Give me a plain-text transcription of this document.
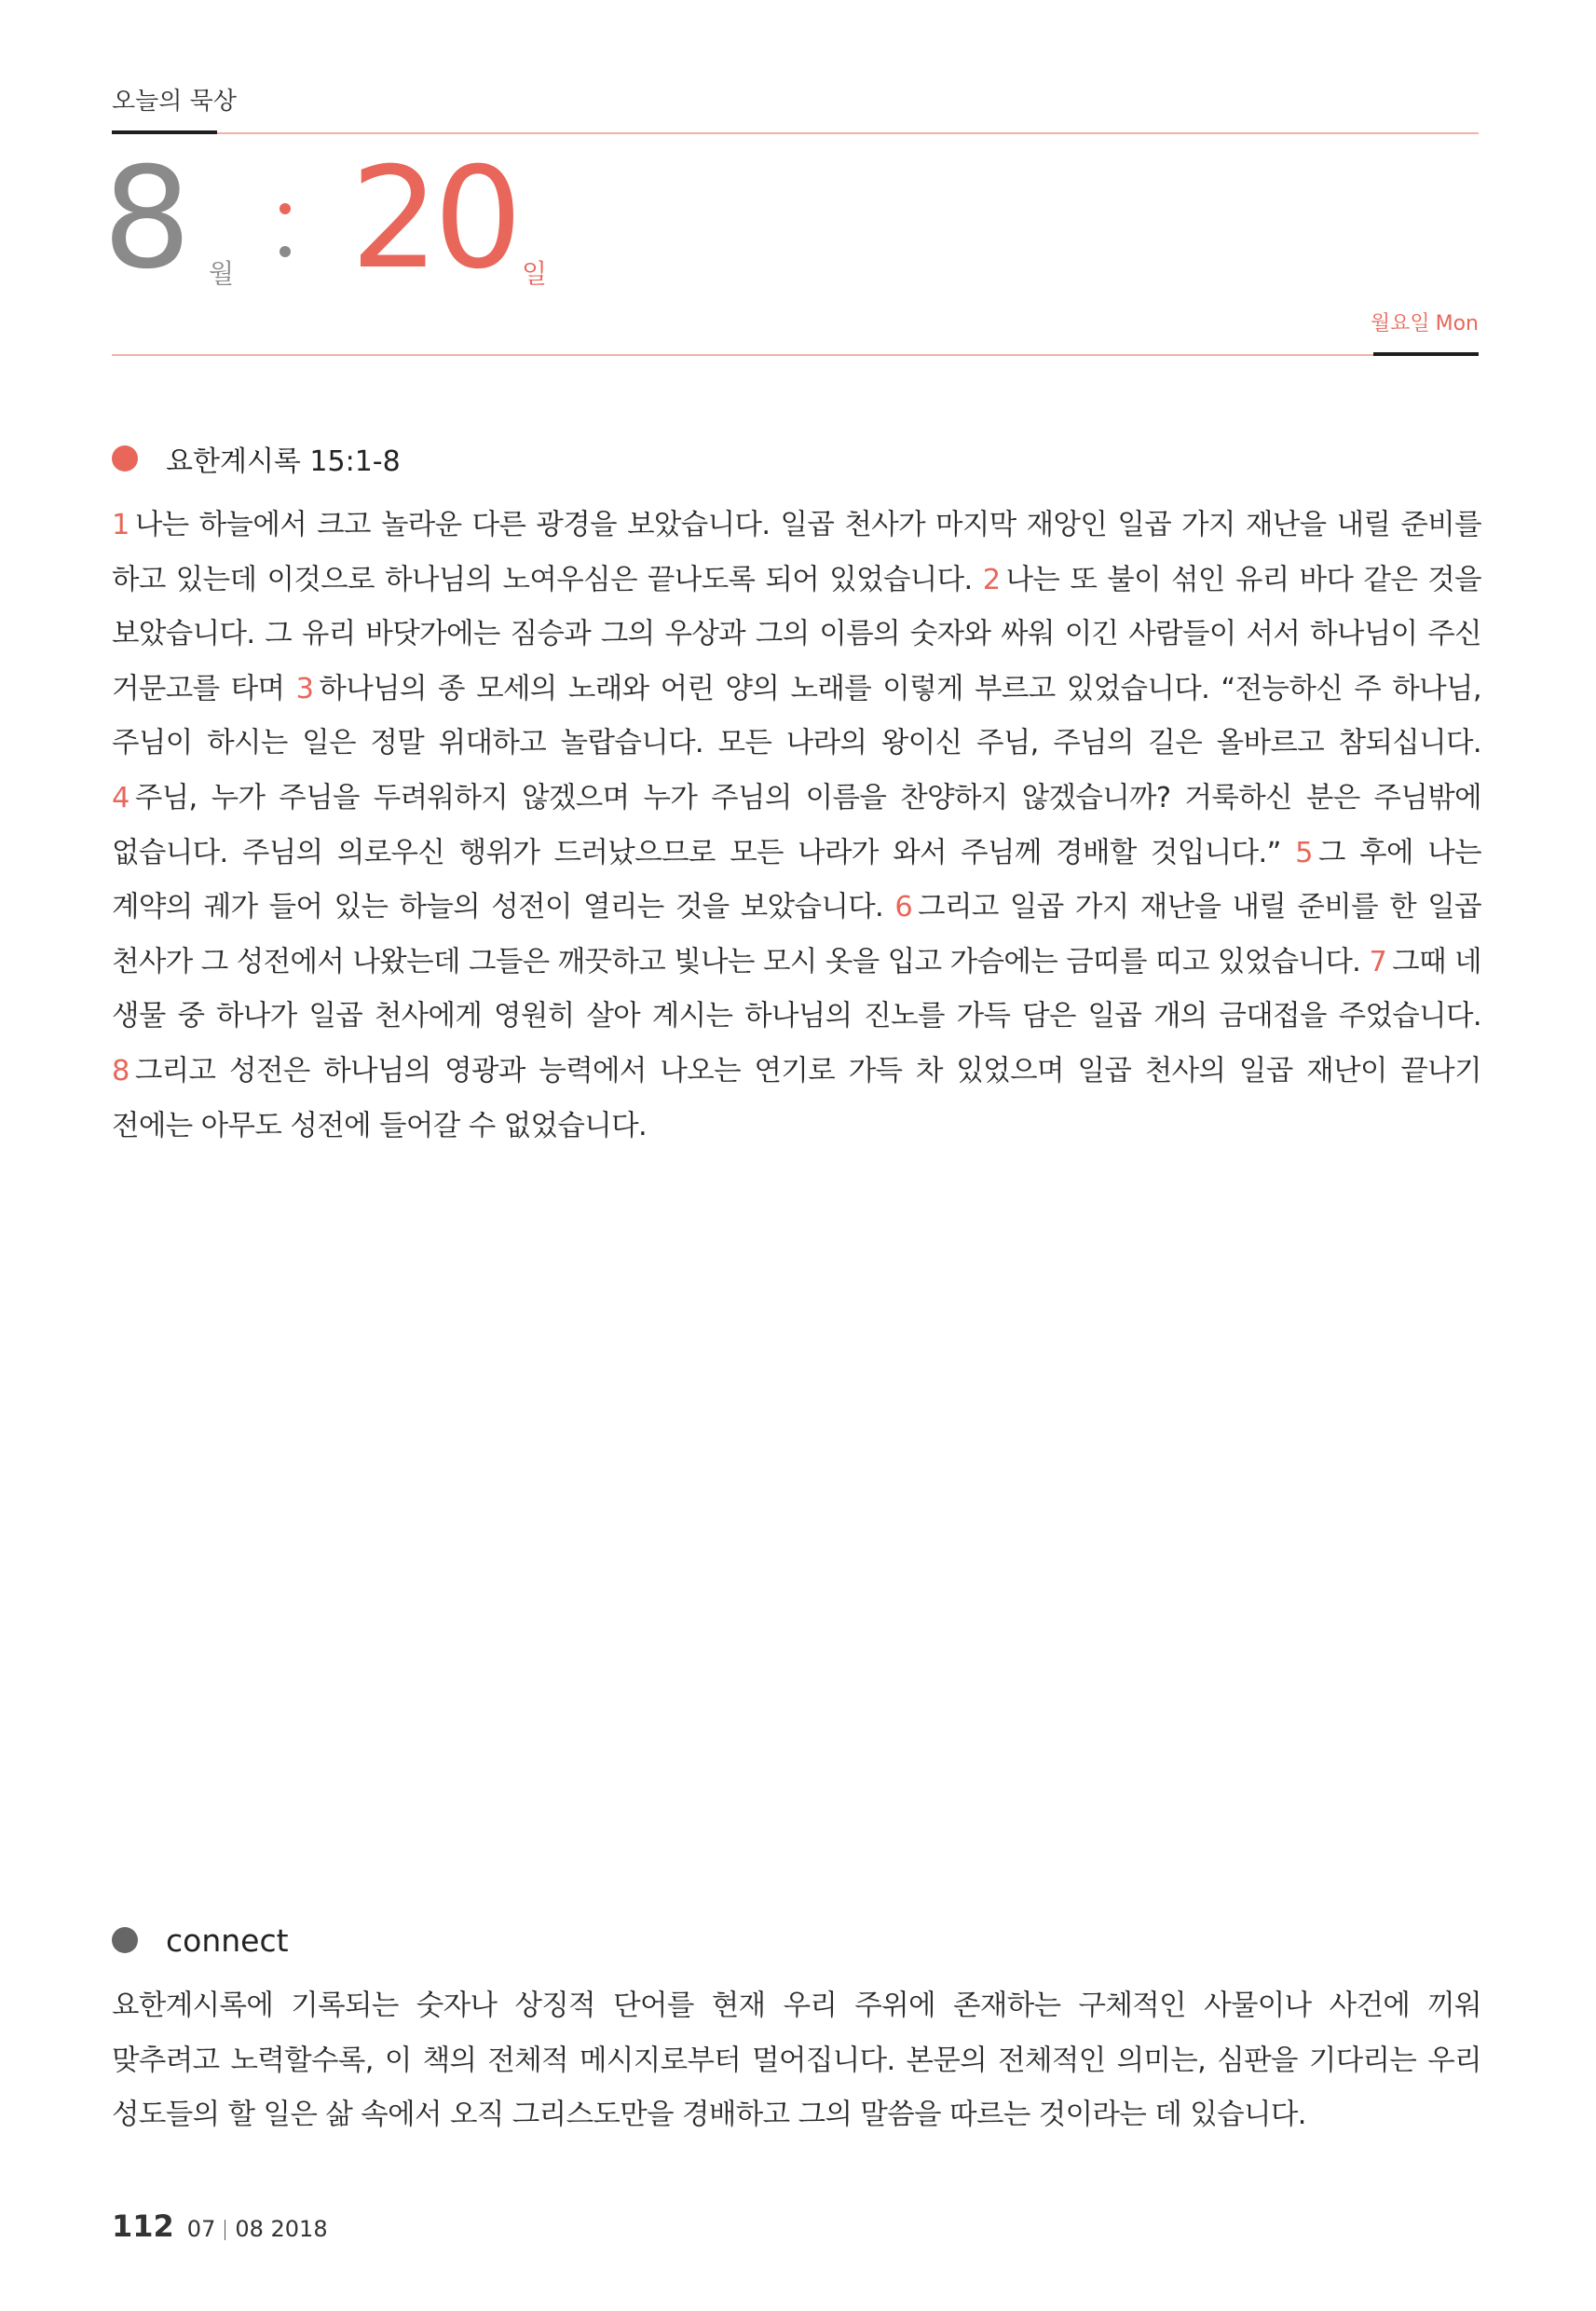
오늘의 묵상
8 월 20 일
월요일 Mon
요한계시록 15:1-8
1 나는 하늘에서 크고 놀라운 다른 광경을 보았습니다. 일곱 천사가 마지막 재앙인 일곱 가지 재난을 내릴 준비를 하고 있는데 이것으로 하나님의 노여우심은 끝나도록 되어 있었습니다. 2 나는 또 불이 섞인 유리 바다 같은 것을 보았습니다. 그 유리 바닷가에는 짐승과 그의 우상과 그의 이름의 숫자와 싸워 이긴 사람들이 서서 하나님이 주신 거문고를 타며 3 하나님의 종 모세의 노래와 어린 양의 노래를 이렇게 부르고 있었습니다. “전능하신 주 하나님, 주님이 하시는 일은 정말 위대하고 놀랍습니다. 모든 나라의 왕이신 주님, 주님의 길은 올바르고 참되십니다. 4 주님, 누가 주님을 두려워하지 않겠으며 누가 주님의 이름을 찬양하지 않겠습니까? 거룩하신 분은 주님밖에 없습니다. 주님의 의로우신 행위가 드러났으므로 모든 나라가 와서 주님께 경배할 것입니다.” 5 그 후에 나는 계약의 궤가 들어 있는 하늘의 성전이 열리는 것을 보았습니다. 6 그리고 일곱 가지 재난을 내릴 준비를 한 일곱 천사가 그 성전에서 나왔는데 그들은 깨끗하고 빛나는 모시 옷을 입고 가슴에는 금띠를 띠고 있었습니다. 7 그때 네 생물 중 하나가 일곱 천사에게 영원히 살아 계시는 하나님의 진노를 가득 담은 일곱 개의 금대접을 주었습니다. 8 그리고 성전은 하나님의 영광과 능력에서 나오는 연기로 가득 차 있었으며 일곱 천사의 일곱 재난이 끝나기 전에는 아무도 성전에 들어갈 수 없었습니다.
connect
요한계시록에 기록되는 숫자나 상징적 단어를 현재 우리 주위에 존재하는 구체적인 사물이나 사건에 끼워 맞추려고 노력할수록, 이 책의 전체적 메시지로부터 멀어집니다. 본문의 전체적인 의미는, 심판을 기다리는 우리 성도들의 할 일은 삶 속에서 오직 그리스도만을 경배하고 그의 말씀을 따르는 것이라는 데 있습니다.
112 07 08 2018
